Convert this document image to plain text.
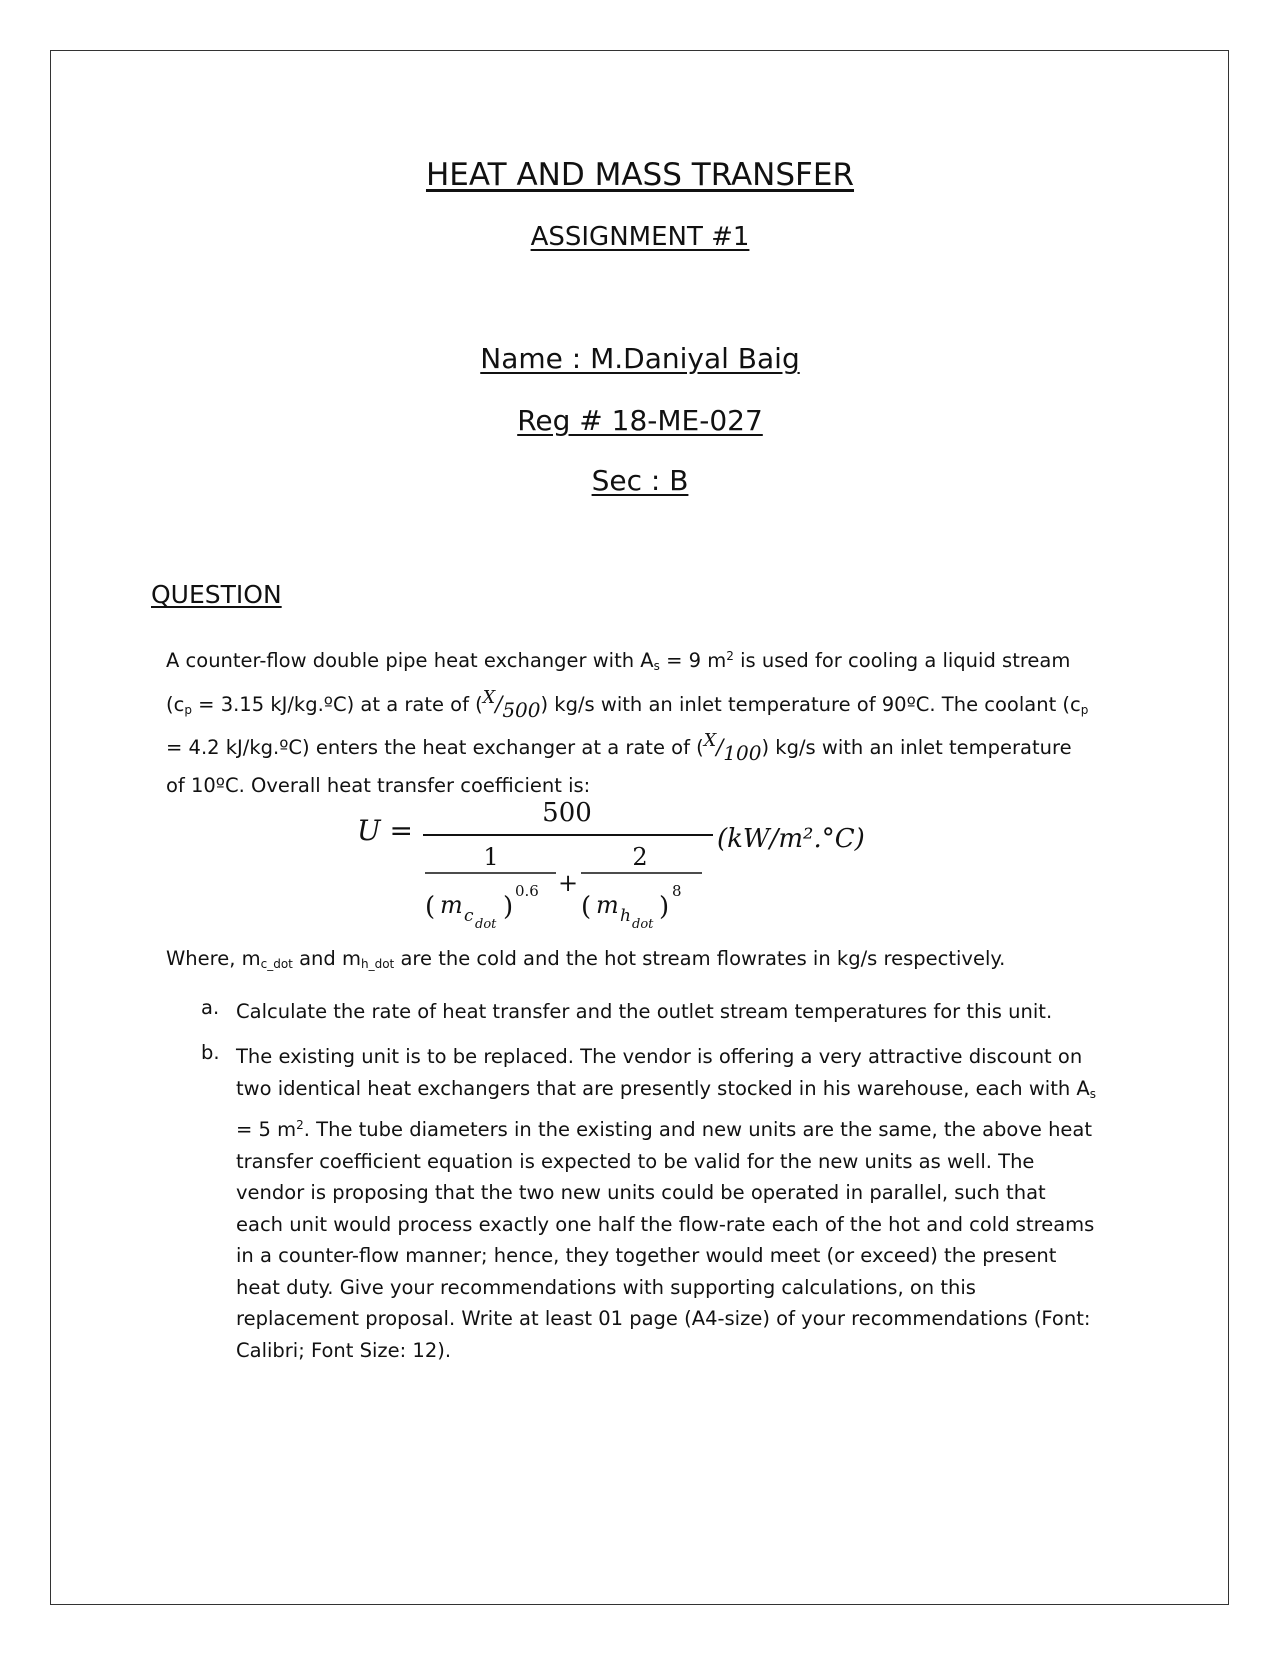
HEAT AND MASS TRANSFER
ASSIGNMENT #1
Name : M.Daniyal Baig
Reg # 18-ME-027
Sec : B
QUESTION
A counter-flow double pipe heat exchanger with $A_s = 9$ $m^2$ is used for cooling a liquid stream ($c_p = 3.15$ kJ/kg.ºC) at a rate of ($^X$/500) kg/s with an inlet temperature of 90ºC. The coolant ($c_p = 4.2$ kJ/kg.ºC) enters the heat exchanger at a rate of ($^X$/100) kg/s with an inlet temperature of 10ºC. Overall heat transfer coefficient is:
U =
500
1
( m c dot
)
0.6 +
2
( m h dot
)
8
(kW/m².°C)
Where, $m_{c\_dot}$ and $m_{h\_dot}$ are the cold and the hot stream flowrates in kg/s respectively.
a. Calculate the rate of heat transfer and the outlet stream temperatures for this unit.
b. The existing unit is to be replaced. The vendor is offering a very attractive discount on two identical heat exchangers that are presently stocked in his warehouse, each with $A_s = 5$ $m^2$. The tube diameters in the existing and new units are the same, the above heat transfer coefficient equation is expected to be valid for the new units as well. The vendor is proposing that the two new units could be operated in parallel, such that each unit would process exactly one half the flow-rate each of the hot and cold streams in a counter-flow manner; hence, they together would meet (or exceed) the present heat duty. Give your recommendations with supporting calculations, on this replacement proposal. Write at least 01 page (A4-size) of your recommendations (Font: Calibri; Font Size: 12).
